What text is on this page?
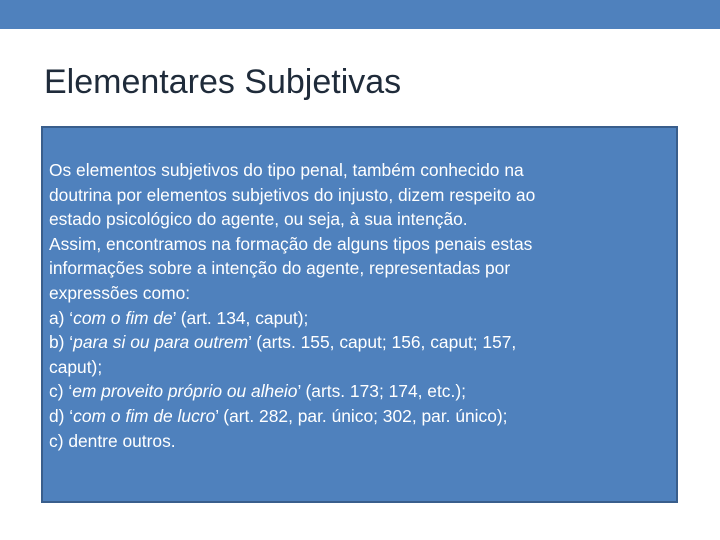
Elementares Subjetivas
Os elementos subjetivos do tipo penal, também conhecido na
doutrina por elementos subjetivos do injusto, dizem respeito ao
estado psicológico do agente, ou seja, à sua intenção.
Assim, encontramos na formação de alguns tipos penais estas
informações sobre a intenção do agente, representadas por
expressões como:
a) ‘com o fim de’ (art. 134, caput);
b) ‘para si ou para outrem’ (arts. 155, caput; 156, caput; 157,
caput);
c) ‘em proveito próprio ou alheio’ (arts. 173; 174, etc.);
d) ‘com o fim de lucro’ (art. 282, par. único; 302, par. único);
c) dentre outros.
